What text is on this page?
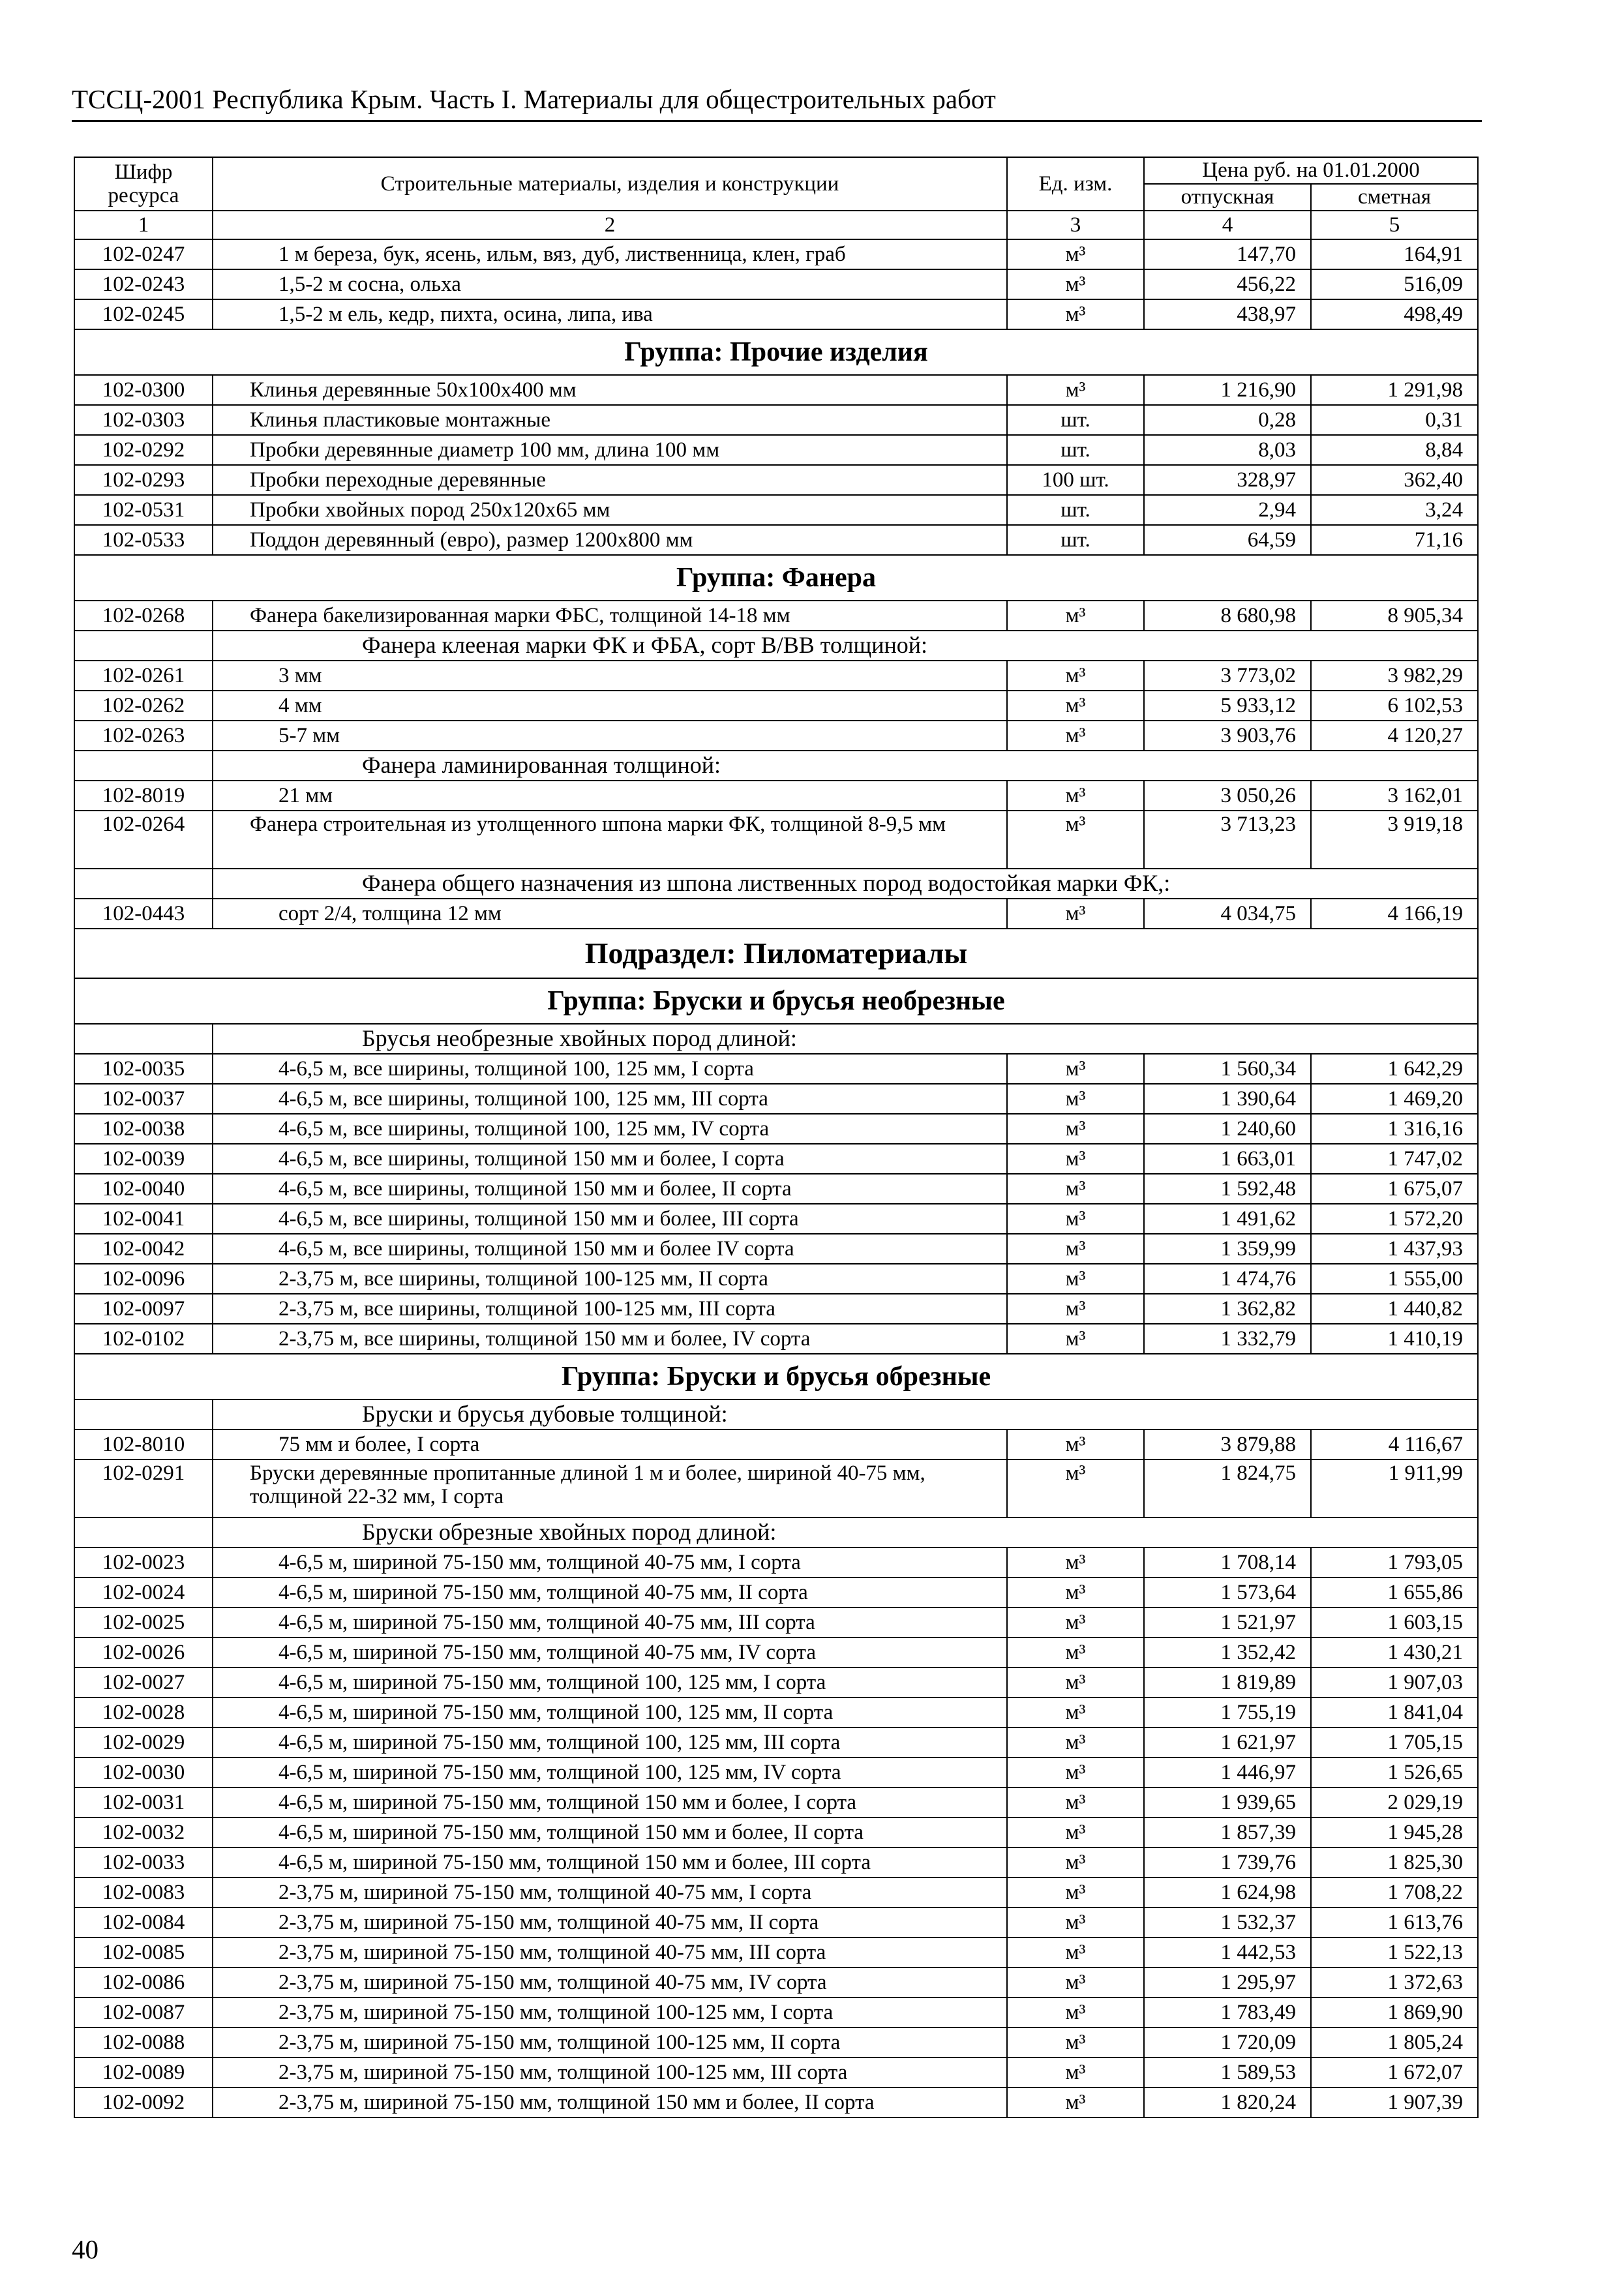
ТССЦ-2001 Республика Крым. Часть I. Материалы для общестроительных работ
Шифр ресурса	Строительные материалы, изделия и конструкции	Ед. изм.	Цена руб. на 01.01.2000	
			отпускная	сметная
1	2	3	4	5
102-0247	1 м береза, бук, ясень, ильм, вяз, дуб, лиственница, клен, граб	м³	147,70	164,91
102-0243	1,5-2 м сосна, ольха	м³	456,22	516,09
102-0245	1,5-2 м ель, кедр, пихта, осина, липа, ива	м³	438,97	498,49
Группа: Прочие изделия				
102-0300	Клинья деревянные 50х100х400 мм	м³	1 216,90	1 291,98
102-0303	Клинья пластиковые монтажные	шт.	0,28	0,31
102-0292	Пробки деревянные диаметр 100 мм, длина 100 мм	шт.	8,03	8,84
102-0293	Пробки переходные деревянные	100 шт.	328,97	362,40
102-0531	Пробки хвойных пород 250х120х65 мм	шт.	2,94	3,24
102-0533	Поддон деревянный (евро), размер 1200х800 мм	шт.	64,59	71,16
Группа: Фанера				
102-0268	Фанера бакелизированная марки ФБС, толщиной 14-18 мм	м³	8 680,98	8 905,34
	Фанера клееная марки ФК и ФБА, сорт В/ВВ толщиной:			
102-0261	3 мм	м³	3 773,02	3 982,29
102-0262	4 мм	м³	5 933,12	6 102,53
102-0263	5-7 мм	м³	3 903,76	4 120,27
	Фанера ламинированная толщиной:			
102-8019	21 мм	м³	3 050,26	3 162,01
102-0264	Фанера строительная из утолщенного шпона марки ФК, толщиной 8-9,5 мм	м³	3 713,23	3 919,18
	Фанера общего назначения из шпона лиственных пород водостойкая марки ФК,:			
102-0443	сорт 2/4, толщина 12 мм	м³	4 034,75	4 166,19
Подраздел: Пиломатериалы				
Группа: Бруски и брусья необрезные				
	Брусья необрезные хвойных пород длиной:			
102-0035	4-6,5 м, все ширины, толщиной 100, 125 мм, I сорта	м³	1 560,34	1 642,29
102-0037	4-6,5 м, все ширины, толщиной 100, 125 мм, III сорта	м³	1 390,64	1 469,20
102-0038	4-6,5 м, все ширины, толщиной 100, 125 мм, IV сорта	м³	1 240,60	1 316,16
102-0039	4-6,5 м, все ширины, толщиной 150 мм и более, I сорта	м³	1 663,01	1 747,02
102-0040	4-6,5 м, все ширины, толщиной 150 мм и более, II сорта	м³	1 592,48	1 675,07
102-0041	4-6,5 м, все ширины, толщиной 150 мм и более, III сорта	м³	1 491,62	1 572,20
102-0042	4-6,5 м, все ширины, толщиной 150 мм и более IV сорта	м³	1 359,99	1 437,93
102-0096	2-3,75 м, все ширины, толщиной 100-125 мм, II сорта	м³	1 474,76	1 555,00
102-0097	2-3,75 м, все ширины, толщиной 100-125 мм, III сорта	м³	1 362,82	1 440,82
102-0102	2-3,75 м, все ширины, толщиной 150 мм и более, IV сорта	м³	1 332,79	1 410,19
Группа: Бруски и брусья обрезные				
	Бруски и брусья дубовые толщиной:			
102-8010	75 мм и более, I сорта	м³	3 879,88	4 116,67
102-0291	Бруски деревянные пропитанные длиной 1 м и более, шириной 40-75 мм, толщиной 22-32 мм, I сорта	м³	1 824,75	1 911,99
	Бруски обрезные хвойных пород длиной:			
102-0023	4-6,5 м, шириной 75-150 мм, толщиной 40-75 мм, I сорта	м³	1 708,14	1 793,05
102-0024	4-6,5 м, шириной 75-150 мм, толщиной 40-75 мм, II сорта	м³	1 573,64	1 655,86
102-0025	4-6,5 м, шириной 75-150 мм, толщиной 40-75 мм, III сорта	м³	1 521,97	1 603,15
102-0026	4-6,5 м, шириной 75-150 мм, толщиной 40-75 мм, IV сорта	м³	1 352,42	1 430,21
102-0027	4-6,5 м, шириной 75-150 мм, толщиной 100, 125 мм, I сорта	м³	1 819,89	1 907,03
102-0028	4-6,5 м, шириной 75-150 мм, толщиной 100, 125 мм, II сорта	м³	1 755,19	1 841,04
102-0029	4-6,5 м, шириной 75-150 мм, толщиной 100, 125 мм, III сорта	м³	1 621,97	1 705,15
102-0030	4-6,5 м, шириной 75-150 мм, толщиной 100, 125 мм, IV сорта	м³	1 446,97	1 526,65
102-0031	4-6,5 м, шириной 75-150 мм, толщиной 150 мм и более, I сорта	м³	1 939,65	2 029,19
102-0032	4-6,5 м, шириной 75-150 мм, толщиной 150 мм и более, II сорта	м³	1 857,39	1 945,28
102-0033	4-6,5 м, шириной 75-150 мм, толщиной 150 мм и более, III сорта	м³	1 739,76	1 825,30
102-0083	2-3,75 м, шириной 75-150 мм, толщиной 40-75 мм, I сорта	м³	1 624,98	1 708,22
102-0084	2-3,75 м, шириной 75-150 мм, толщиной 40-75 мм, II сорта	м³	1 532,37	1 613,76
102-0085	2-3,75 м, шириной 75-150 мм, толщиной 40-75 мм, III сорта	м³	1 442,53	1 522,13
102-0086	2-3,75 м, шириной 75-150 мм, толщиной 40-75 мм, IV сорта	м³	1 295,97	1 372,63
102-0087	2-3,75 м, шириной 75-150 мм, толщиной 100-125 мм, I сорта	м³	1 783,49	1 869,90
102-0088	2-3,75 м, шириной 75-150 мм, толщиной 100-125 мм, II сорта	м³	1 720,09	1 805,24
102-0089	2-3,75 м, шириной 75-150 мм, толщиной 100-125 мм, III сорта	м³	1 589,53	1 672,07
102-0092	2-3,75 м, шириной 75-150 мм, толщиной 150 мм и более, II сорта	м³	1 820,24	1 907,39
40
